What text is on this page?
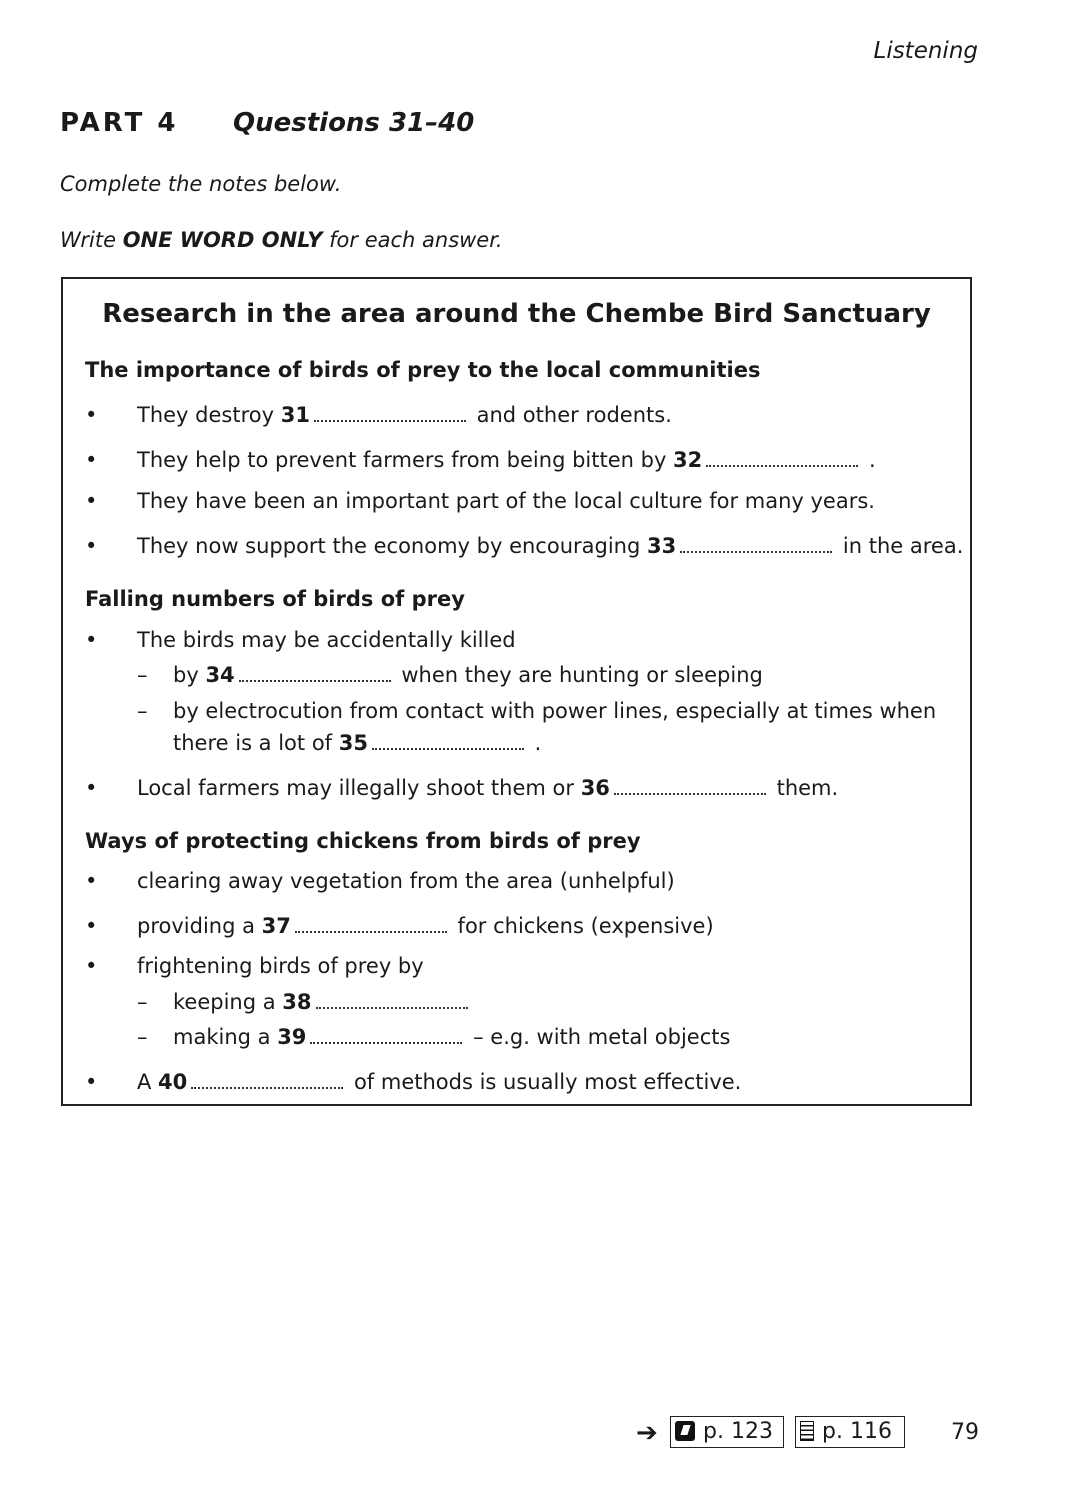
Listening
PART 4 Questions 31–40
Complete the notes below.
Write ONE WORD ONLY for each answer.
Research in the area around the Chembe Bird Sanctuary
The importance of birds of prey to the local communities
• They destroy 31	and other rodents.
• They help to prevent farmers from being bitten by 32	.
• They have been an important part of the local culture for many years.
• They now support the economy by encouraging 33	in the area.
Falling numbers of birds of prey
• The birds may be accidentally killed
– by 34	when they are hunting or sleeping
– by electrocution from contact with power lines, especially at times when
there is a lot of 35	.
• Local farmers may illegally shoot them or 36	them.
Ways of protecting chickens from birds of prey
• clearing away vegetation from the area (unhelpful)
• providing a 37	for chickens (expensive)
• frightening birds of prey by
– keeping a 38
– making a 39	– e.g. with metal objects
• A 40	of methods is usually most effective.
➔	p. 123	p. 116	79
